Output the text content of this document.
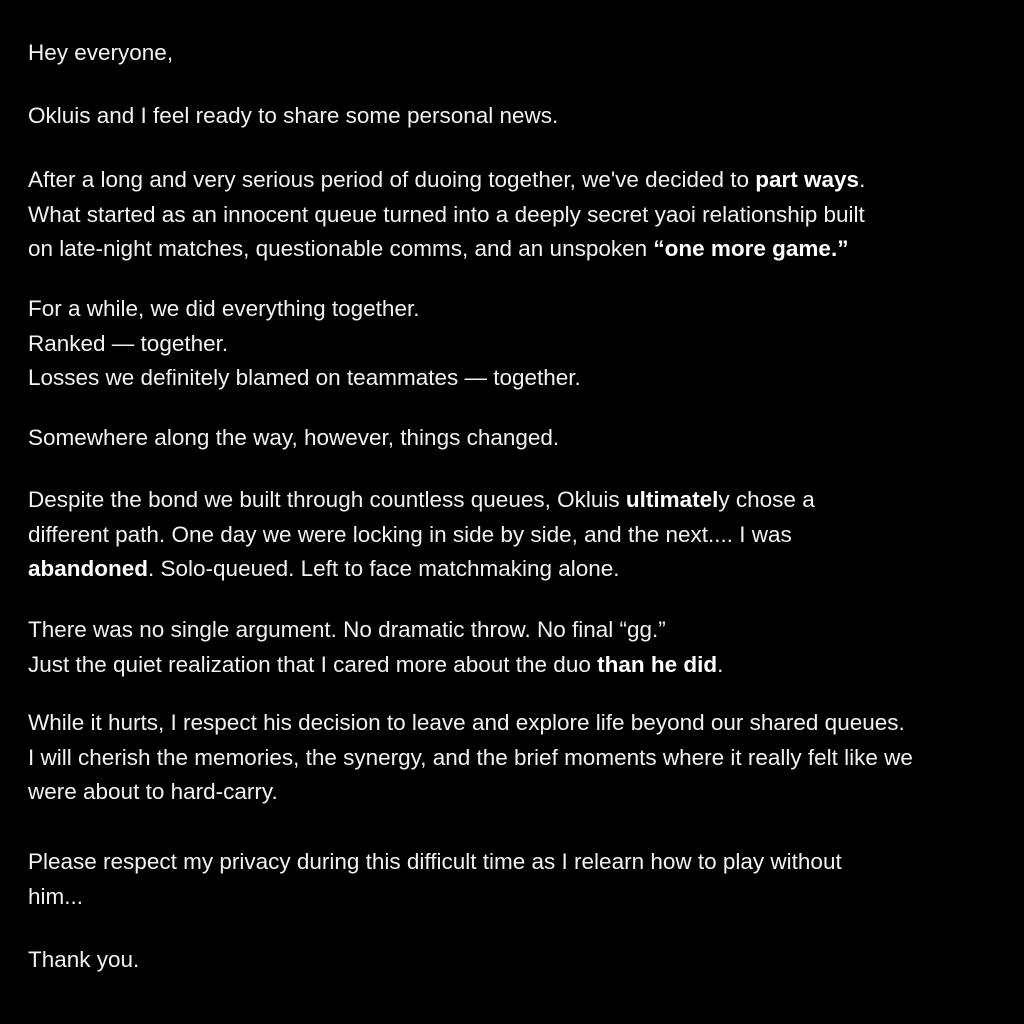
Hey everyone,

Okluis and I feel ready to share some personal news.

After a long and very serious period of duoing together, we've decided to part ways.
What started as an innocent queue turned into a deeply secret yaoi relationship built
on late-night matches, questionable comms, and an unspoken “one more game.”

For a while, we did everything together.
Ranked — together.
Losses we definitely blamed on teammates — together.

Somewhere along the way, however, things changed.

Despite the bond we built through countless queues, Okluis ultimately chose a
different path. One day we were locking in side by side, and the next.... I was
abandoned. Solo-queued. Left to face matchmaking alone.

There was no single argument. No dramatic throw. No final “gg.”
Just the quiet realization that I cared more about the duo than he did.

While it hurts, I respect his decision to leave and explore life beyond our shared queues.
I will cherish the memories, the synergy, and the brief moments where it really felt like we
were about to hard-carry.

Please respect my privacy during this difficult time as I relearn how to play without
him...

Thank you.
